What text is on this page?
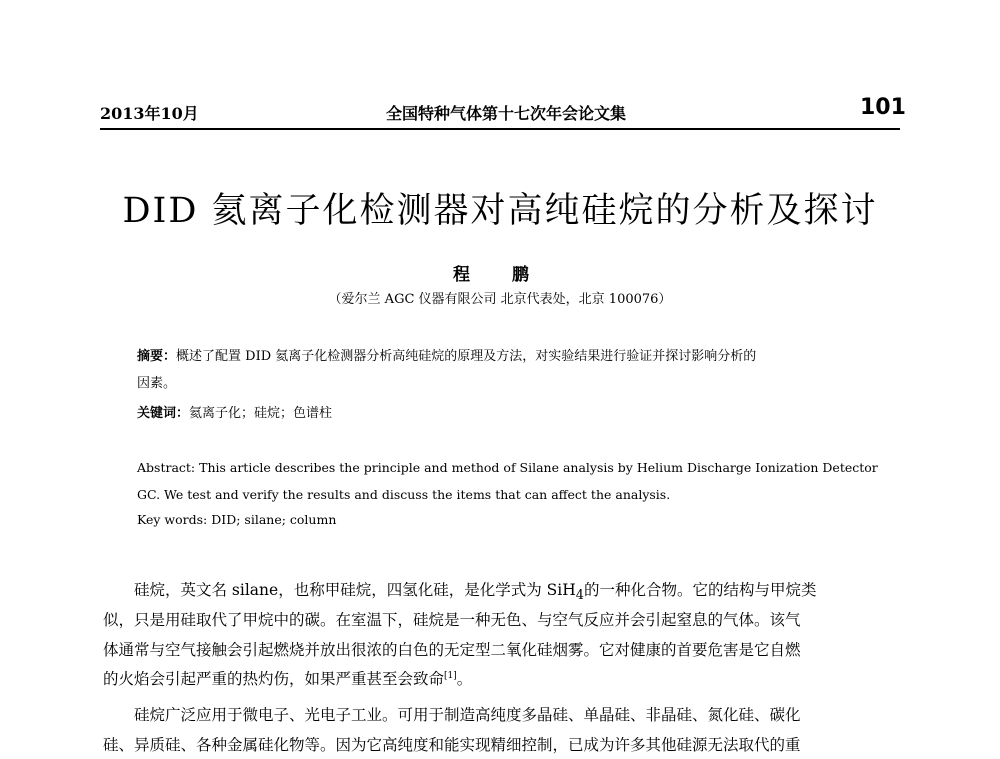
2013年10月	全国特种气体第十七次年会论文集	101
DID 氦离子化检测器对高纯硅烷的分析及探讨
程 鹏
（爱尔兰 AGC 仪器有限公司 北京代表处，北京 100076）
摘要：概述了配置 DID 氦离子化检测器分析高纯硅烷的原理及方法，对实验结果进行验证并探讨影响分析的
因素。
关键词：氦离子化；硅烷；色谱柱
Abstract: This article describes the principle and method of Silane analysis by Helium Discharge Ionization Detector
GC. We test and verify the results and discuss the items that can affect the analysis.
Key words: DID; silane; column
硅烷，英文名 silane，也称甲硅烷，四氢化硅，是化学式为 SiH$_4$的一种化合物。它的结构与甲烷类
似，只是用硅取代了甲烷中的碳。在室温下，硅烷是一种无色、与空气反应并会引起窒息的气体。该气
体通常与空气接触会引起燃烧并放出很浓的白色的无定型二氧化硅烟雾。它对健康的首要危害是它自燃
的火焰会引起严重的热灼伤，如果严重甚至会致命[1]。
硅烷广泛应用于微电子、光电子工业。可用于制造高纯度多晶硅、单晶硅、非晶硅、氮化硅、碳化
硅、异质硅、各种金属硅化物等。因为它高纯度和能实现精细控制，已成为许多其他硅源无法取代的重
